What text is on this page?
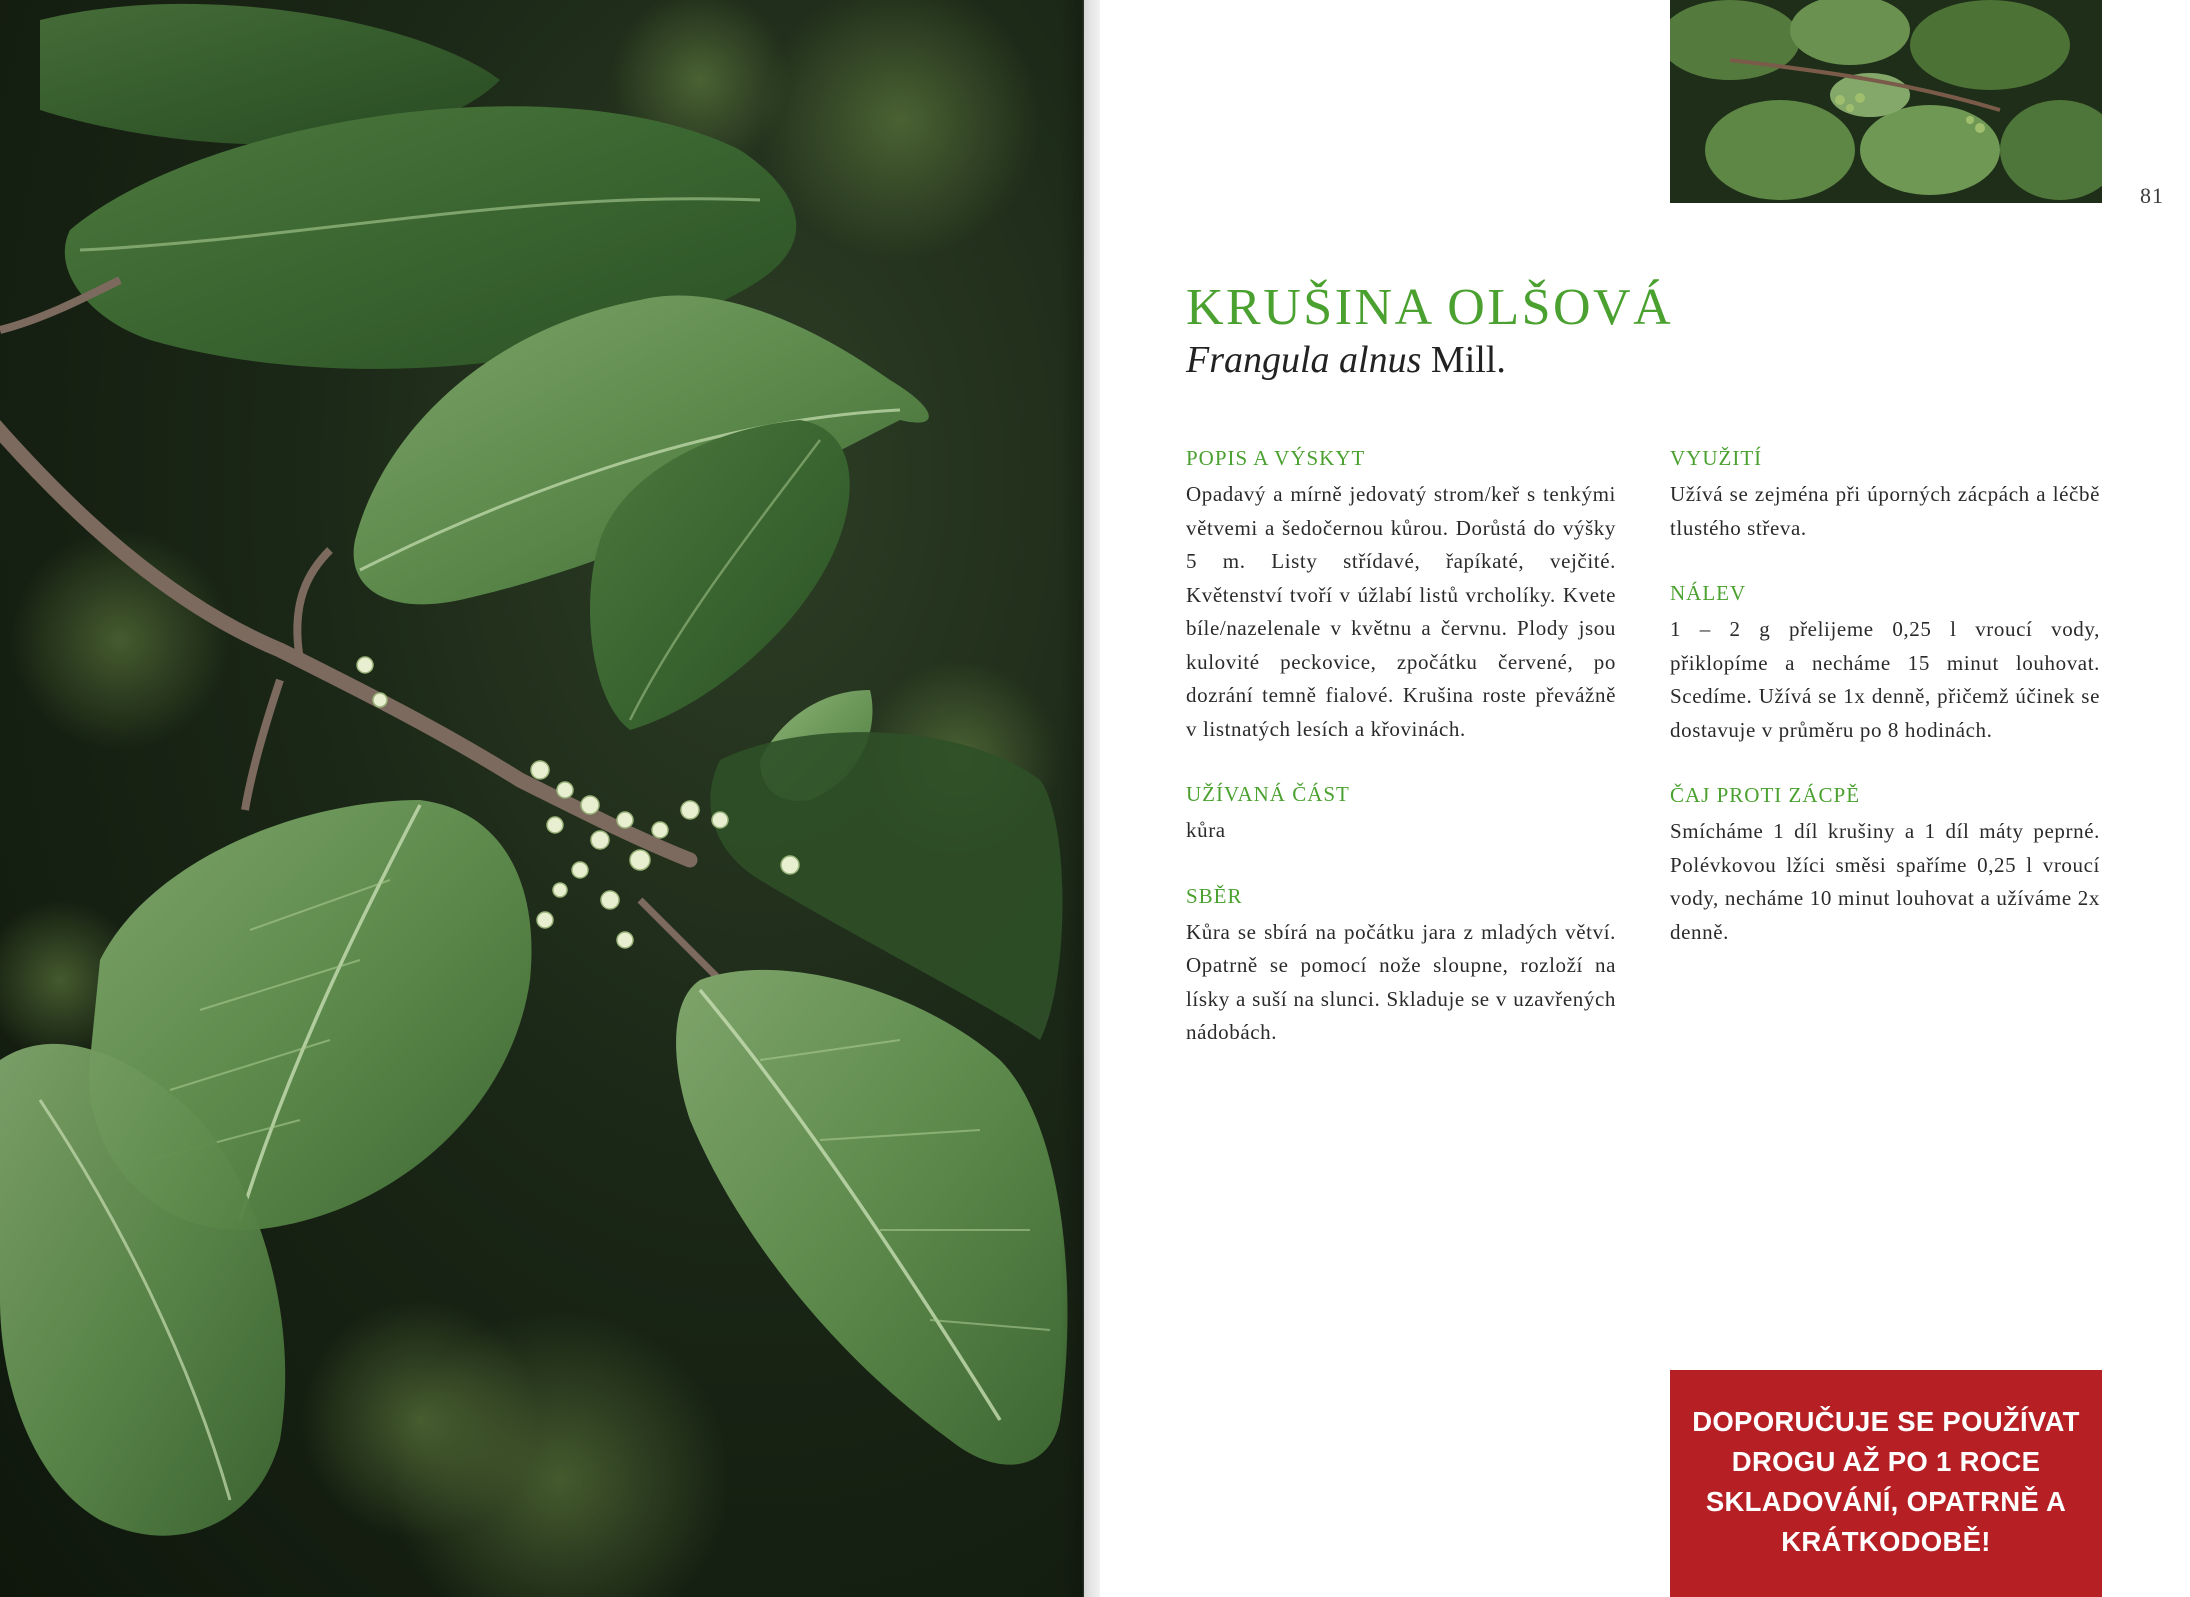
81
KRUŠINA OLŠOVÁ
Frangula alnus Mill.
POPIS A VÝSKYT

Opadavý a mírně jedovatý strom/keř s tenkými větvemi a šedočernou kůrou. Dorůstá do výšky 5 m. Listy střídavé, řapíkaté, vejčité. Květenství tvoří v úžlabí listů vrcholíky. Kvete bíle/nazelenale v květnu a červnu. Plody jsou kulovité peckovice, zpočátku červené, po dozrání temně fialové. Krušina roste převážně v listnatých lesích a křovinách.

UŽÍVANÁ ČÁST

kůra

SBĚR

Kůra se sbírá na počátku jara z mladých větví. Opatrně se pomocí nože sloupne, rozloží na lísky a suší na slunci. Skladuje se v uzavřených nádobách.

VYUŽITÍ

Užívá se zejména při úporných zácpách a léčbě tlustého střeva.

NÁLEV

1 – 2 g přelijeme 0,25 l vroucí vody, přiklopíme a necháme 15 minut louhovat. Scedíme. Užívá se 1x denně, přičemž účinek se dostavuje v průměru po 8 hodinách.

ČAJ PROTI ZÁCPĚ

Smícháme 1 díl krušiny a 1 díl máty peprné. Polévkovou lžíci směsi spaříme 0,25 l vroucí vody, necháme 10 minut louhovat a užíváme 2x denně.

DOPORUČUJE SE POUŽÍVAT DROGU AŽ PO 1 ROCE SKLADOVÁNÍ, OPATRNĚ A KRÁTKODOBĚ!
